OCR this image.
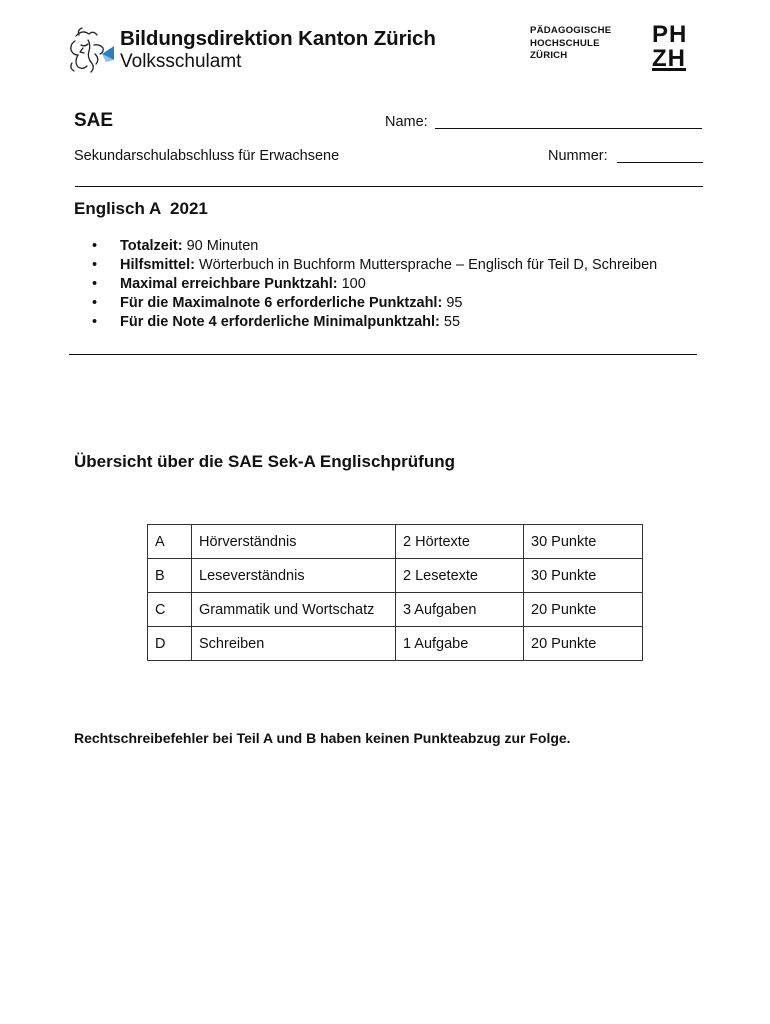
Bildungsdirektion Kanton Zürich
Volksschulamt
PÄDAGOGISCHE
HOCHSCHULE
ZÜRICH
PH
ZH
SAE	Name:
Sekundarschulabschluss für Erwachsene	Nummer:
Englisch A  2021
• Totalzeit: 90 Minuten
• Hilfsmittel: Wörterbuch in Buchform Muttersprache – Englisch für Teil D, Schreiben
• Maximal erreichbare Punktzahl: 100
• Für die Maximalnote 6 erforderliche Punktzahl: 95
• Für die Note 4 erforderliche Minimalpunktzahl: 55
Übersicht über die SAE Sek-A Englischprüfung
A	Hörverständnis	2 Hörtexte	30 Punkte
B	Leseverständnis	2 Lesetexte	30 Punkte
C	Grammatik und Wortschatz	3 Aufgaben	20 Punkte
D	Schreiben	1 Aufgabe	20 Punkte
Rechtschreibefehler bei Teil A und B haben keinen Punkteabzug zur Folge.
